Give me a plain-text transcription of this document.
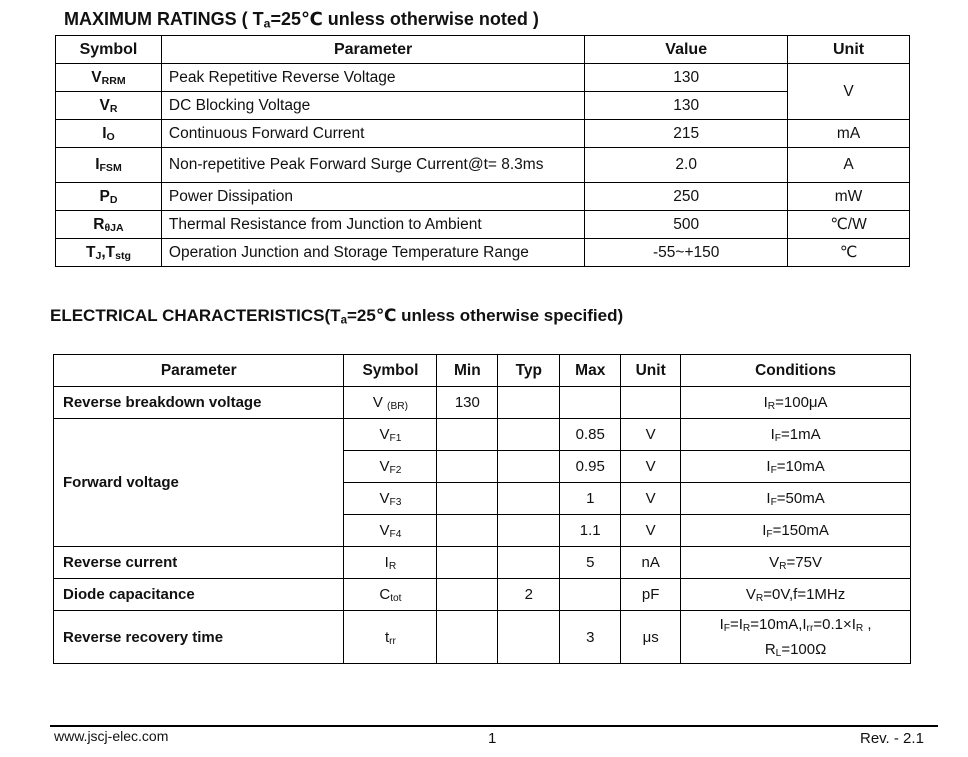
MAXIMUM RATINGS ( $T_a=25℃$ unless otherwise noted )
Symbol	Parameter	Value	Unit
$V_{RRM}$	Peak Repetitive Reverse Voltage	130	V
$V_R$	DC Blocking Voltage	130	
$I_O$	Continuous Forward Current	215	mA
$I_{FSM}$	Non-repetitive Peak Forward Surge Current@t= 8.3ms	2.0	A
$P_D$	Power Dissipation	250	mW
$R_{\theta JA}$	Thermal Resistance from Junction to Ambient	500	℃/W
$T_J,T_{stg}$	Operation Junction and Storage Temperature Range	-55~+150	℃
ELECTRICAL $CHARACTERISTICS(T_a=25℃$ unless otherwise specified)
Parameter	Symbol	Min	Typ	Max	Unit	Conditions
Reverse breakdown voltage	V $_{(BR)}$	130				$I_R=100\mu A$
Forward voltage	$V_{F1}$			0.85	V	$I_F=1mA$
	$V_{F2}$			0.95	V	$I_F=10mA$
	$V_{F3}$			1	V	$I_F=50mA$
	$V_{F4}$			1.1	V	$I_F=150mA$
Reverse current	$I_R$			5	nA	$V_R=75V$
Diode capacitance	$C_{tot}$		2		pF	$V_R=0V,f=1MHz$
Reverse recovery time	$t_{rr}$			3	μs	$I_F=I_R=10mA,I_{rr}=0.1\times I_R$ ,
$R_L=100\Omega$
www.jscj-elec.com	1	Rev. - 2.1
